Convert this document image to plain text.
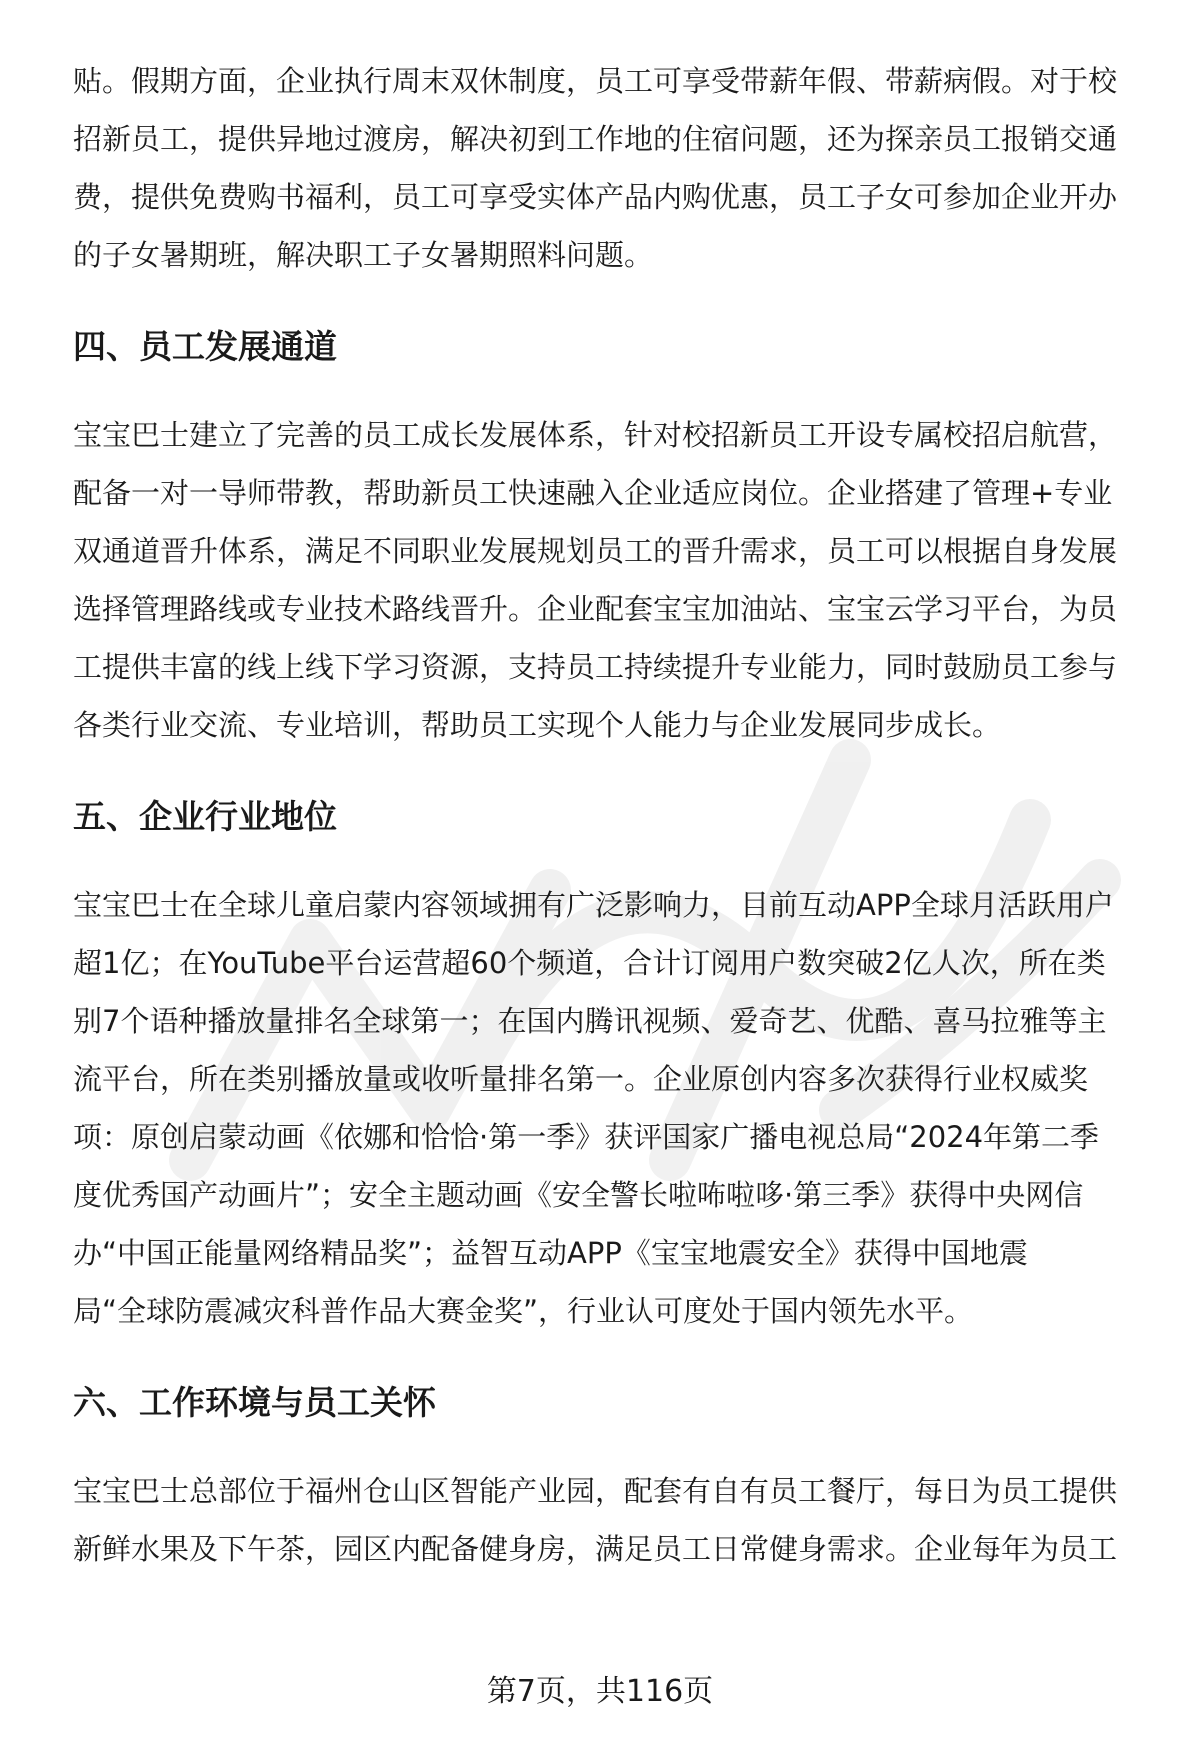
贴。假期方面，企业执行周末双休制度，员工可享受带薪年假、带薪病假。对于校
招新员工，提供异地过渡房，解决初到工作地的住宿问题，还为探亲员工报销交通
费，提供免费购书福利，员工可享受实体产品内购优惠，员工子女可参加企业开办
的子女暑期班，解决职工子女暑期照料问题。
四、员工发展通道
宝宝巴士建立了完善的员工成长发展体系，针对校招新员工开设专属校招启航营，
配备一对一导师带教，帮助新员工快速融入企业适应岗位。企业搭建了管理+专业
双通道晋升体系，满足不同职业发展规划员工的晋升需求，员工可以根据自身发展
选择管理路线或专业技术路线晋升。企业配套宝宝加油站、宝宝云学习平台，为员
工提供丰富的线上线下学习资源，支持员工持续提升专业能力，同时鼓励员工参与
各类行业交流、专业培训，帮助员工实现个人能力与企业发展同步成长。
五、企业行业地位
宝宝巴士在全球儿童启蒙内容领域拥有广泛影响力，目前互动APP全球月活跃用户
超1亿；在YouTube平台运营超60个频道，合计订阅用户数突破2亿人次，所在类
别7个语种播放量排名全球第一；在国内腾讯视频、爱奇艺、优酷、喜马拉雅等主
流平台，所在类别播放量或收听量排名第一。企业原创内容多次获得行业权威奖
项：原创启蒙动画《依娜和恰恰·第一季》获评国家广播电视总局“2024年第二季
度优秀国产动画片”；安全主题动画《安全警长啦咘啦哆·第三季》获得中央网信
办“中国正能量网络精品奖”；益智互动APP《宝宝地震安全》获得中国地震
局“全球防震减灾科普作品大赛金奖”，行业认可度处于国内领先水平。
六、工作环境与员工关怀
宝宝巴士总部位于福州仓山区智能产业园，配套有自有员工餐厅，每日为员工提供
新鲜水果及下午茶，园区内配备健身房，满足员工日常健身需求。企业每年为员工
第7页，共116页
